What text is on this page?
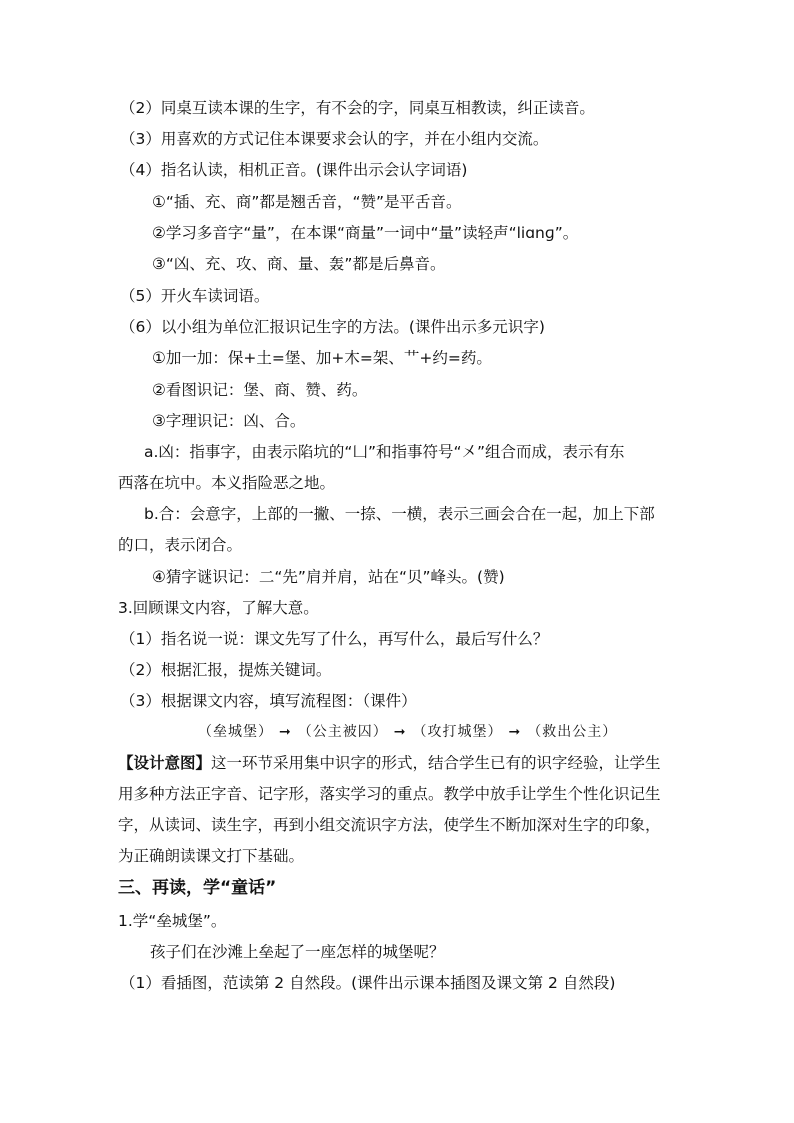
（2）同桌互读本课的生字，有不会的字，同桌互相教读，纠正读音。
（3）用喜欢的方式记住本课要求会认的字，并在小组内交流。
（4）指名认读，相机正音。(课件出示会认字词语)
①“插、充、商”都是翘舌音，“赞”是平舌音。
②学习多音字“量”，在本课“商量”一词中“量”读轻声“liɑnɡ”。
③“凶、充、攻、商、量、轰”都是后鼻音。
（5）开火车读词语。
（6）以小组为单位汇报识记生字的方法。(课件出示多元识字)
①加一加：保+土=堡、加+木=架、艹+约=药。
②看图识记：堡、商、赞、药。
③字理识记：凶、合。
a.凶：指事字，由表示陷坑的“凵”和指事符号“㐅”组合而成，表示有东
西落在坑中。本义指险恶之地。
b.合：会意字，上部的一撇、一捺、一横，表示三画会合在一起，加上下部
的口，表示闭合。
④猜字谜识记：二“先”肩并肩，站在“贝”峰头。(赞)
3.回顾课文内容，了解大意。
（1）指名说一说：课文先写了什么，再写什么，最后写什么？
（2）根据汇报，提炼关键词。
（3）根据课文内容，填写流程图：（课件）
（垒城堡） ➞ （公主被囚） ➞ （攻打城堡） ➞ （救出公主）
【设计意图】这一环节采用集中识字的形式，结合学生已有的识字经验，让学生
用多种方法正字音、记字形，落实学习的重点。教学中放手让学生个性化识记生
字，从读词、读生字，再到小组交流识字方法，使学生不断加深对生字的印象，
为正确朗读课文打下基础。
三、再读，学“童话”
1.学“垒城堡”。
孩子们在沙滩上垒起了一座怎样的城堡呢？
（1）看插图，范读第 2 自然段。(课件出示课本插图及课文第 2 自然段)
